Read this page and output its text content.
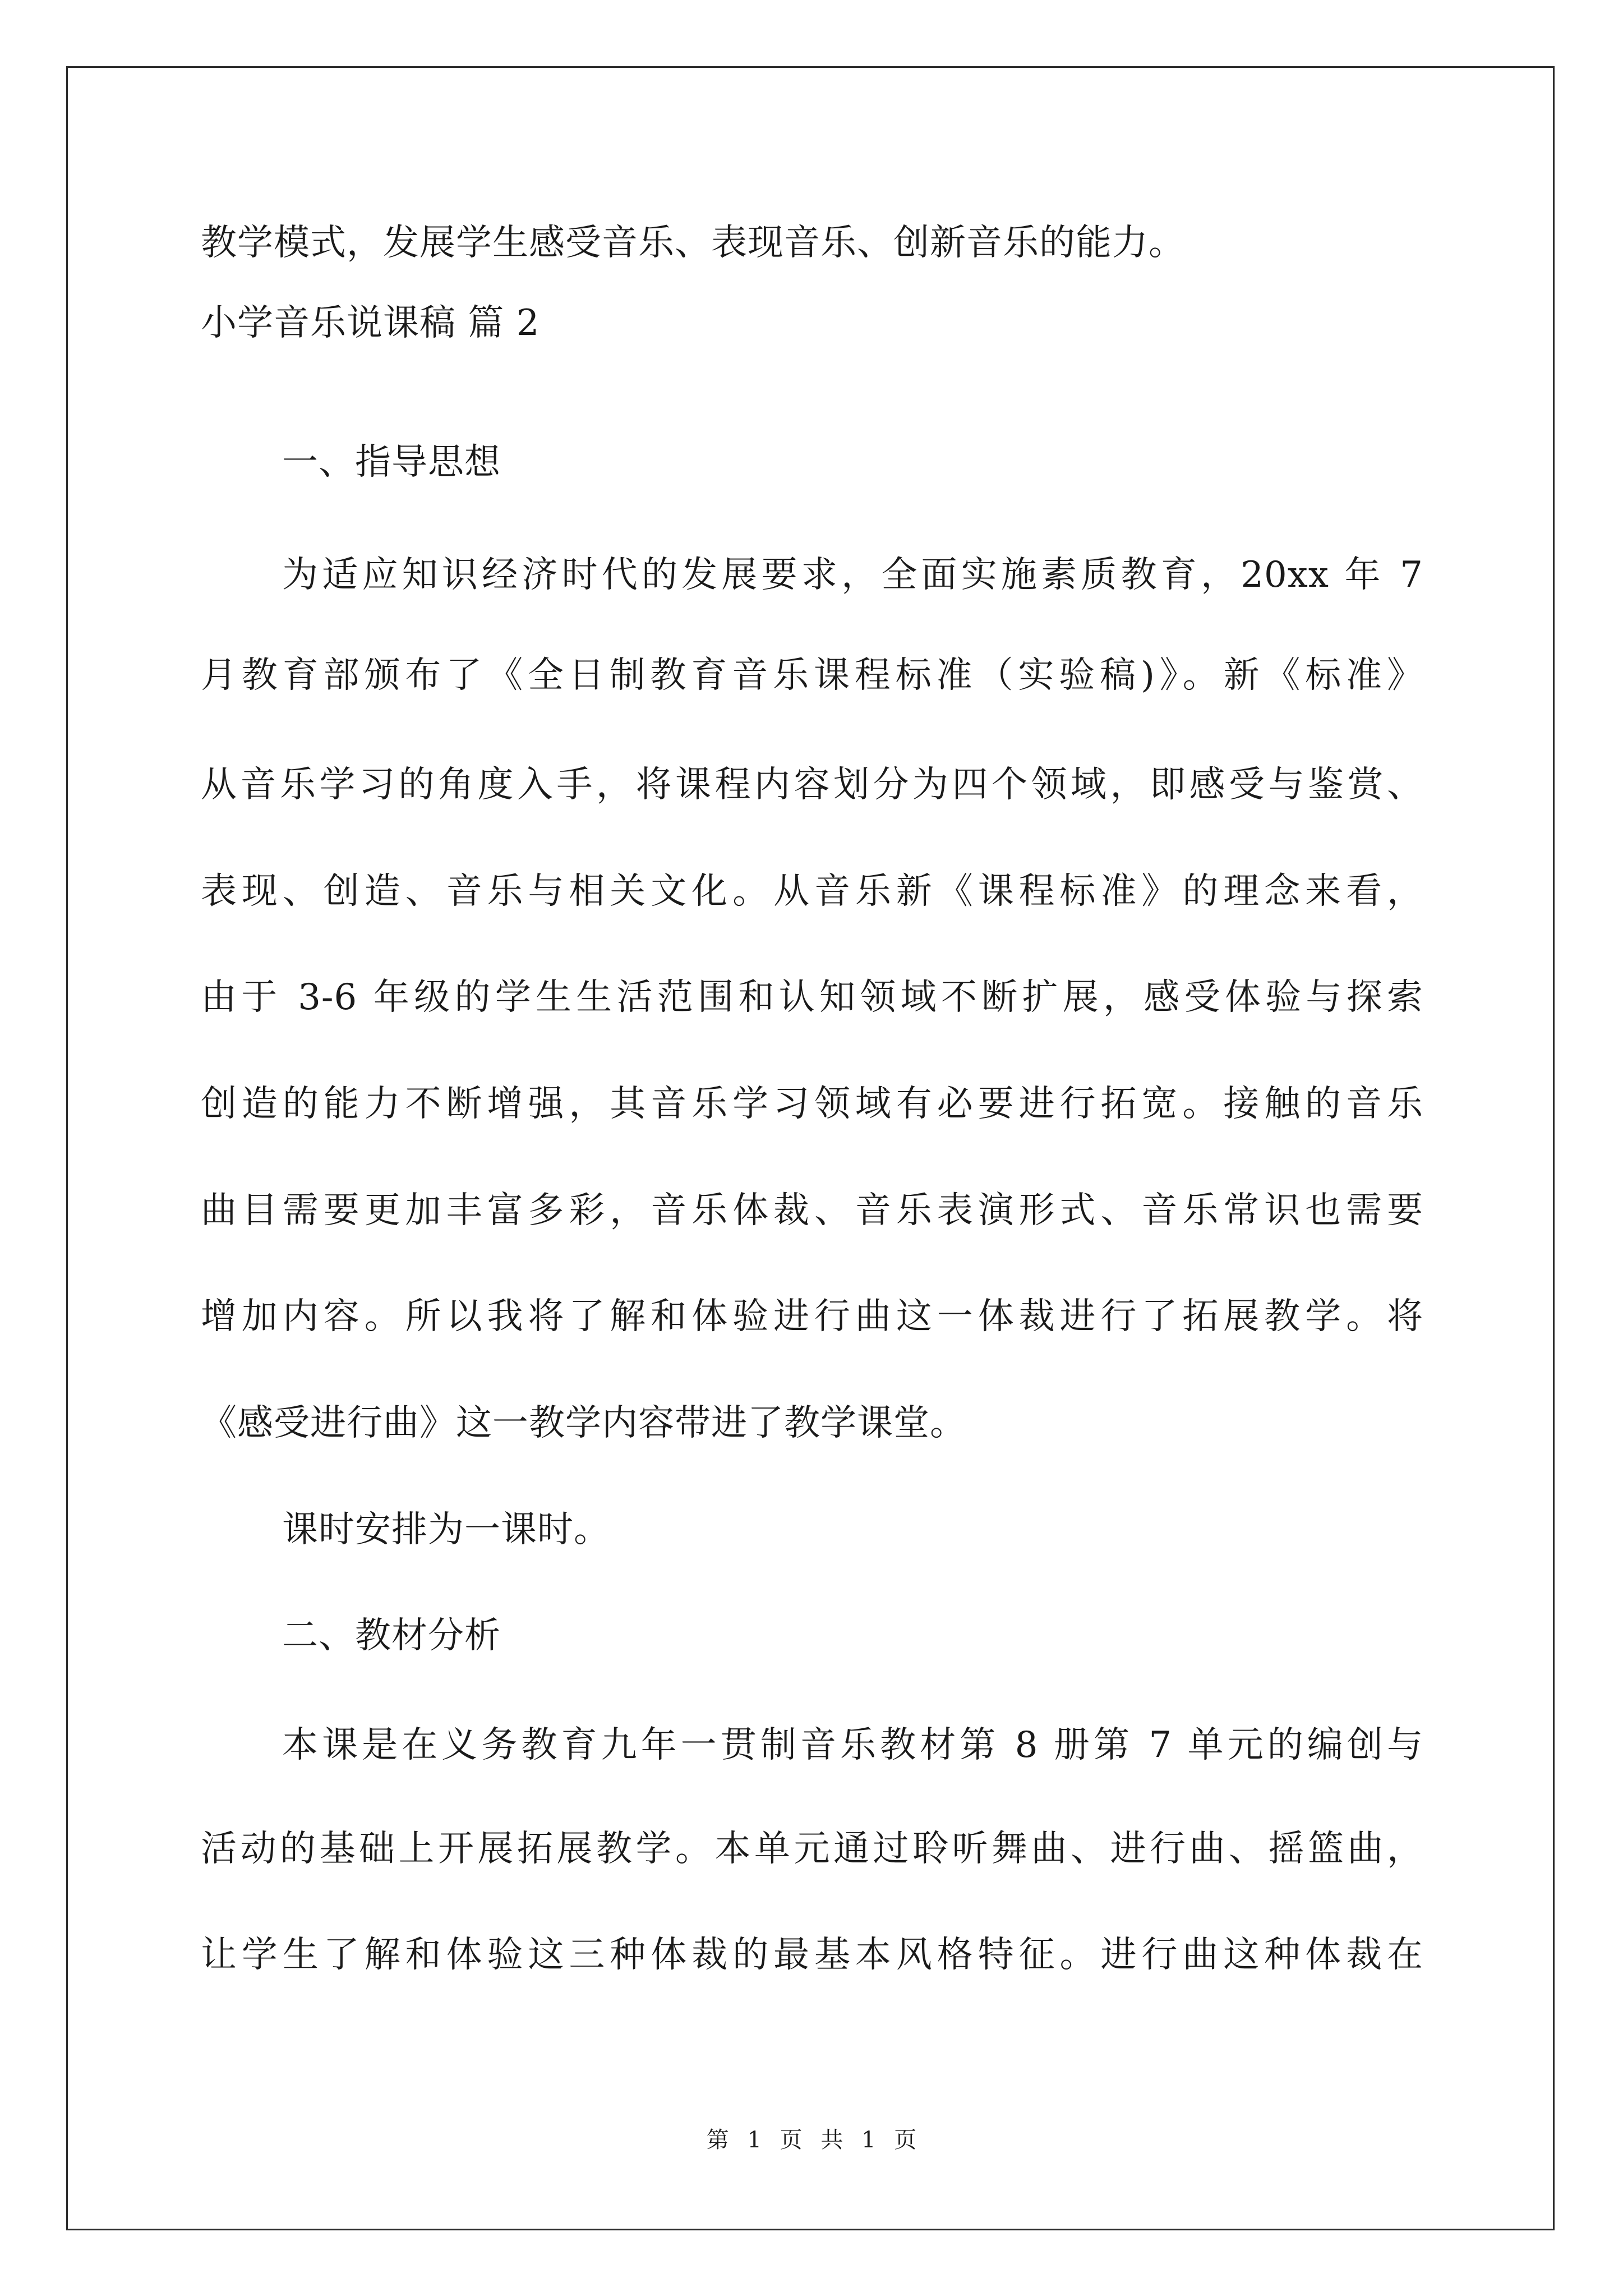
教学模式，发展学生感受音乐、表现音乐、创新音乐的能力。
小学音乐说课稿 篇 2
一、指导思想
为适应知识经济时代的发展要求，全面实施素质教育，20xx 年 7
月教育部颁布了《全日制教育音乐课程标准（实验稿)》。新《标准》
从音乐学习的角度入手，将课程内容划分为四个领域，即感受与鉴赏、
表现、创造、音乐与相关文化。从音乐新《课程标准》的理念来看，
由于 3-6 年级的学生生活范围和认知领域不断扩展，感受体验与探索
创造的能力不断增强，其音乐学习领域有必要进行拓宽。接触的音乐
曲目需要更加丰富多彩，音乐体裁、音乐表演形式、音乐常识也需要
增加内容。所以我将了解和体验进行曲这一体裁进行了拓展教学。将
《感受进行曲》这一教学内容带进了教学课堂。
课时安排为一课时。
二、教材分析
本课是在义务教育九年一贯制音乐教材第 8 册第 7 单元的编创与
活动的基础上开展拓展教学。本单元通过聆听舞曲、进行曲、摇篮曲，
让学生了解和体验这三种体裁的最基本风格特征。进行曲这种体裁在
第 1 页 共 1 页
